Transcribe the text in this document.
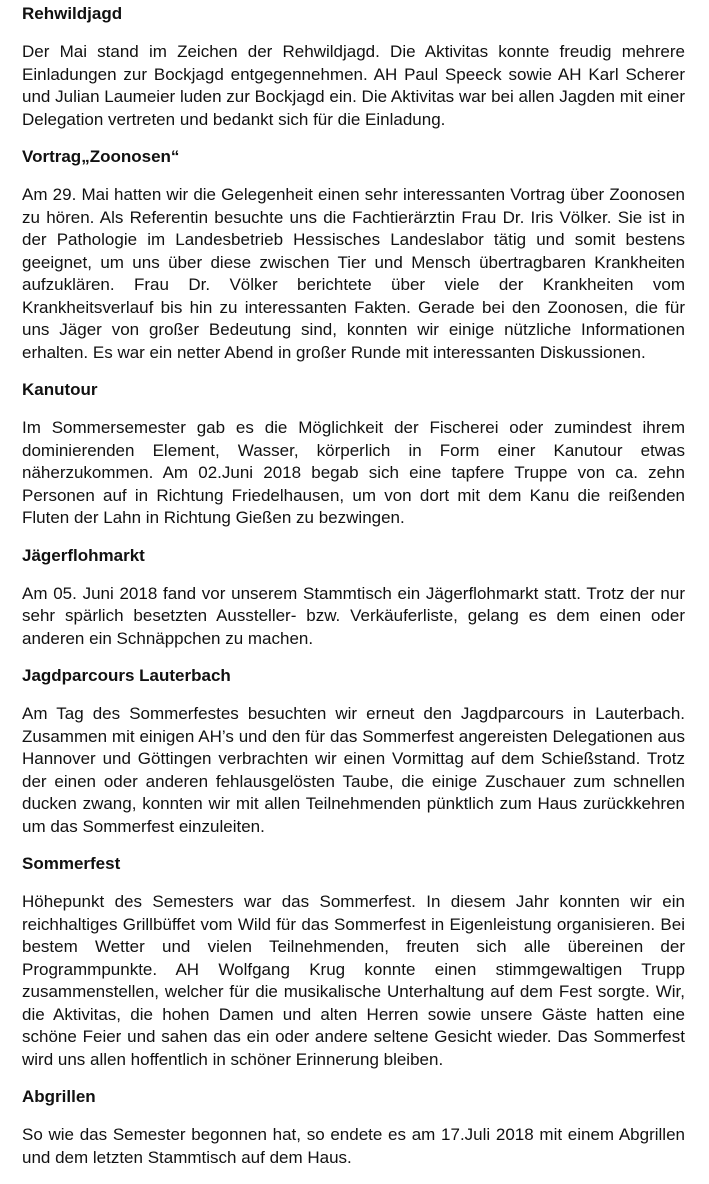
Rehwildjagd

Der Mai stand im Zeichen der Rehwildjagd. Die Aktivitas konnte freudig mehrere Einladungen zur Bockjagd entgegennehmen. AH Paul Speeck sowie AH Karl Scherer und Julian Laumeier luden zur Bockjagd ein. Die Aktivitas war bei allen Jagden mit einer Delegation vertreten und bedankt sich für die Einladung.

Vortrag„Zoonosen“

Am 29. Mai hatten wir die Gelegenheit einen sehr interessanten Vortrag über Zoonosen zu hören. Als Referentin besuchte uns die Fachtierärztin Frau Dr. Iris Völker. Sie ist in der Pathologie im Landesbetrieb Hessisches Landeslabor tätig und somit bestens geeignet, um uns über diese zwischen Tier und Mensch übertragbaren Krankheiten aufzuklären. Frau Dr. Völker berichtete über viele der Krankheiten vom Krankheitsverlauf bis hin zu interessanten Fakten. Gerade bei den Zoonosen, die für uns Jäger von großer Bedeutung sind, konnten wir einige nützliche Informationen erhalten. Es war ein netter Abend in großer Runde mit interessanten Diskussionen.

Kanutour

Im Sommersemester gab es die Möglichkeit der Fischerei oder zumindest ihrem dominierenden Element, Wasser, körperlich in Form einer Kanutour etwas näherzukommen. Am 02.Juni 2018 begab sich eine tapfere Truppe von ca. zehn Personen auf in Richtung Friedelhausen, um von dort mit dem Kanu die reißenden Fluten der Lahn in Richtung Gießen zu bezwingen.

Jägerflohmarkt

Am 05. Juni 2018 fand vor unserem Stammtisch ein Jägerflohmarkt statt. Trotz der nur sehr spärlich besetzten Aussteller- bzw. Verkäuferliste, gelang es dem einen oder anderen ein Schnäppchen zu machen.

Jagdparcours Lauterbach

Am Tag des Sommerfestes besuchten wir erneut den Jagdparcours in Lauterbach. Zusammen mit einigen AH’s und den für das Sommerfest angereisten Delegationen aus Hannover und Göttingen verbrachten wir einen Vormittag auf dem Schießstand. Trotz der einen oder anderen fehlausgelösten Taube, die einige Zuschauer zum schnellen ducken zwang, konnten wir mit allen Teilnehmenden pünktlich zum Haus zurückkehren um das Sommerfest einzuleiten.

Sommerfest

Höhepunkt des Semesters war das Sommerfest. In diesem Jahr konnten wir ein reichhaltiges Grillbüffet vom Wild für das Sommerfest in Eigenleistung organisieren. Bei bestem Wetter und vielen Teilnehmenden, freuten sich alle übereinen der Programmpunkte. AH Wolfgang Krug konnte einen stimmgewaltigen Trupp zusammenstellen, welcher für die musikalische Unterhaltung auf dem Fest sorgte. Wir, die Aktivitas, die hohen Damen und alten Herren sowie unsere Gäste hatten eine schöne Feier und sahen das ein oder andere seltene Gesicht wieder. Das Sommerfest wird uns allen hoffentlich in schöner Erinnerung bleiben.

Abgrillen

So wie das Semester begonnen hat, so endete es am 17.Juli 2018 mit einem Abgrillen und dem letzten Stammtisch auf dem Haus.
